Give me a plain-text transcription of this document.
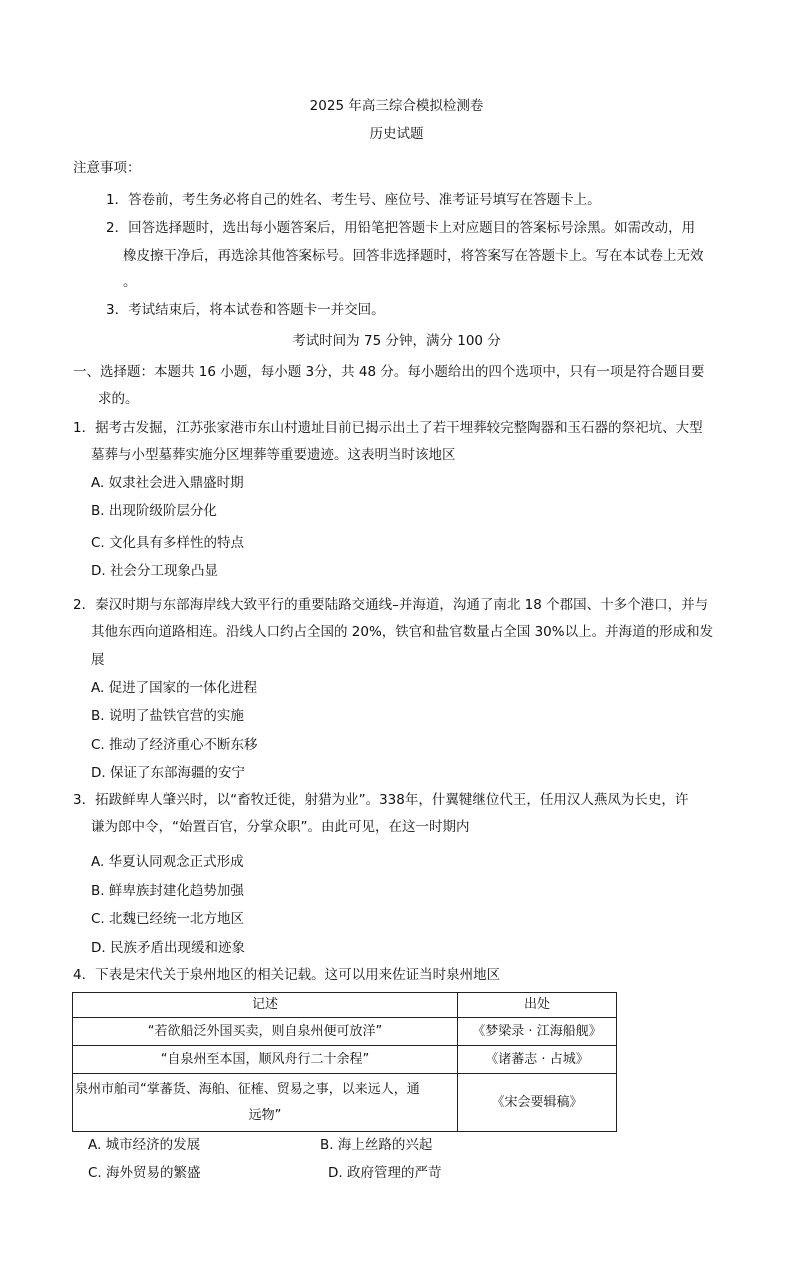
2025 年高三综合模拟检测卷
历史试题
注意事项：
1．答卷前，考生务必将自己的姓名、考生号、座位号、准考证号填写在答题卡上。
2．回答选择题时，选出每小题答案后，用铅笔把答题卡上对应题目的答案标号涂黑。如需改动，用
橡皮擦干净后，再选涂其他答案标号。回答非选择题时，将答案写在答题卡上。写在本试卷上无效
。
3．考试结束后，将本试卷和答题卡一并交回。
考试时间为 75 分钟，满分 100 分
一、选择题：本题共 16 小题，每小题 3分，共 48 分。每小题给出的四个选项中，只有一项是符合题目要
求的。
1．据考古发掘，江苏张家港市东山村遗址目前已揭示出土了若干埋葬较完整陶器和玉石器的祭祀坑、大型
墓葬与小型墓葬实施分区埋葬等重要遗迹。这表明当时该地区
A. 奴隶社会进入鼎盛时期
B. 出现阶级阶层分化
C. 文化具有多样性的特点
D. 社会分工现象凸显
2．秦汉时期与东部海岸线大致平行的重要陆路交通线–并海道，沟通了南北 18 个郡国、十多个港口，并与
其他东西向道路相连。沿线人口约占全国的 20%，铁官和盐官数量占全国 30%以上。并海道的形成和发
展
A. 促进了国家的一体化进程
B. 说明了盐铁官营的实施
C. 推动了经济重心不断东移
D. 保证了东部海疆的安宁
3．拓跋鲜卑人肇兴时，以“畜牧迁徙，射猎为业”。338年，什翼犍继位代王，任用汉人燕凤为长史，许
谦为郎中令，“始置百官，分掌众职”。由此可见，在这一时期内
A. 华夏认同观念正式形成
B. 鲜卑族封建化趋势加强
C. 北魏已经统一北方地区
D. 民族矛盾出现缓和迹象
4．下表是宋代关于泉州地区的相关记载。这可以用来佐证当时泉州地区
记述	出处
“若欲船泛外国买卖，则自泉州便可放洋”	《梦梁录 · 江海船舰》
“自泉州至本国，顺风舟行二十余程”	《诸蕃志 · 占城》

泉州市舶司“掌蕃货、海舶、征榷、贸易之事，以来远人，通
远物”	《宋会要辑稿》
A. 城市经济的发展	B. 海上丝路的兴起
C. 海外贸易的繁盛	D. 政府管理的严苛
